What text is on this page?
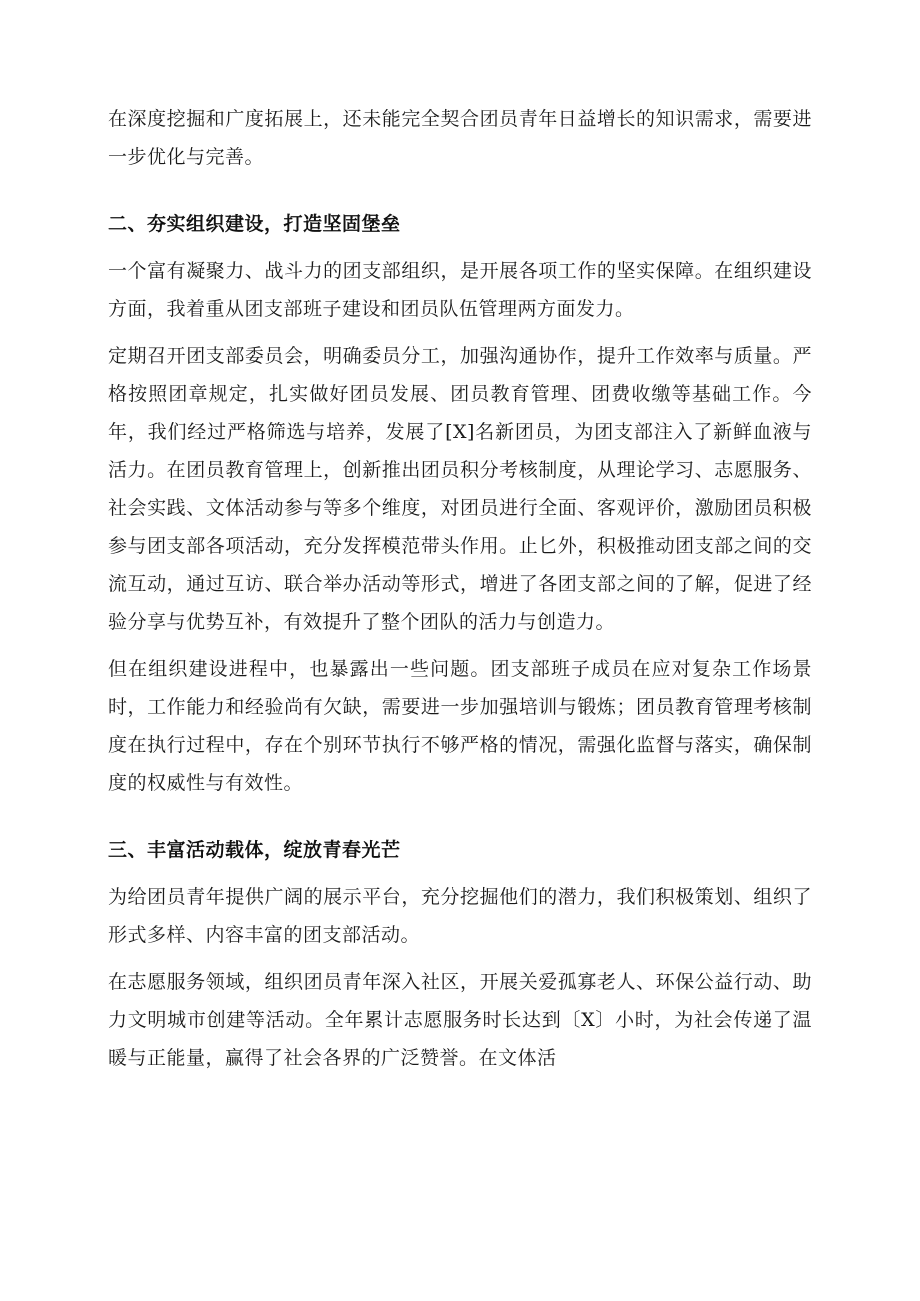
在深度挖掘和广度拓展上，还未能完全契合团员青年日益增长的知识需求，需要进一步优化与完善。

二、夯实组织建设，打造坚固堡垒

一个富有凝聚力、战斗力的团支部组织，是开展各项工作的坚实保障。在组织建设方面，我着重从团支部班子建设和团员队伍管理两方面发力。

定期召开团支部委员会，明确委员分工，加强沟通协作，提升工作效率与质量。严格按照团章规定，扎实做好团员发展、团员教育管理、团费收缴等基础工作。今年，我们经过严格筛选与培养，发展了[X]名新团员，为团支部注入了新鲜血液与活力。在团员教育管理上，创新推出团员积分考核制度，从理论学习、志愿服务、社会实践、文体活动参与等多个维度，对团员进行全面、客观评价，激励团员积极参与团支部各项活动，充分发挥模范带头作用。止匕外，积极推动团支部之间的交流互动，通过互访、联合举办活动等形式，增进了各团支部之间的了解，促进了经验分享与优势互补，有效提升了整个团队的活力与创造力。

但在组织建设进程中，也暴露出一些问题。团支部班子成员在应对复杂工作场景时，工作能力和经验尚有欠缺，需要进一步加强培训与锻炼；团员教育管理考核制度在执行过程中，存在个别环节执行不够严格的情况，需强化监督与落实，确保制度的权威性与有效性。

三、丰富活动载体，绽放青春光芒

为给团员青年提供广阔的展示平台，充分挖掘他们的潜力，我们积极策划、组织了形式多样、内容丰富的团支部活动。

在志愿服务领域，组织团员青年深入社区，开展关爱孤寡老人、环保公益行动、助力文明城市创建等活动。全年累计志愿服务时长达到〔X〕小时，为社会传递了温暖与正能量，赢得了社会各界的广泛赞誉。在文体活
